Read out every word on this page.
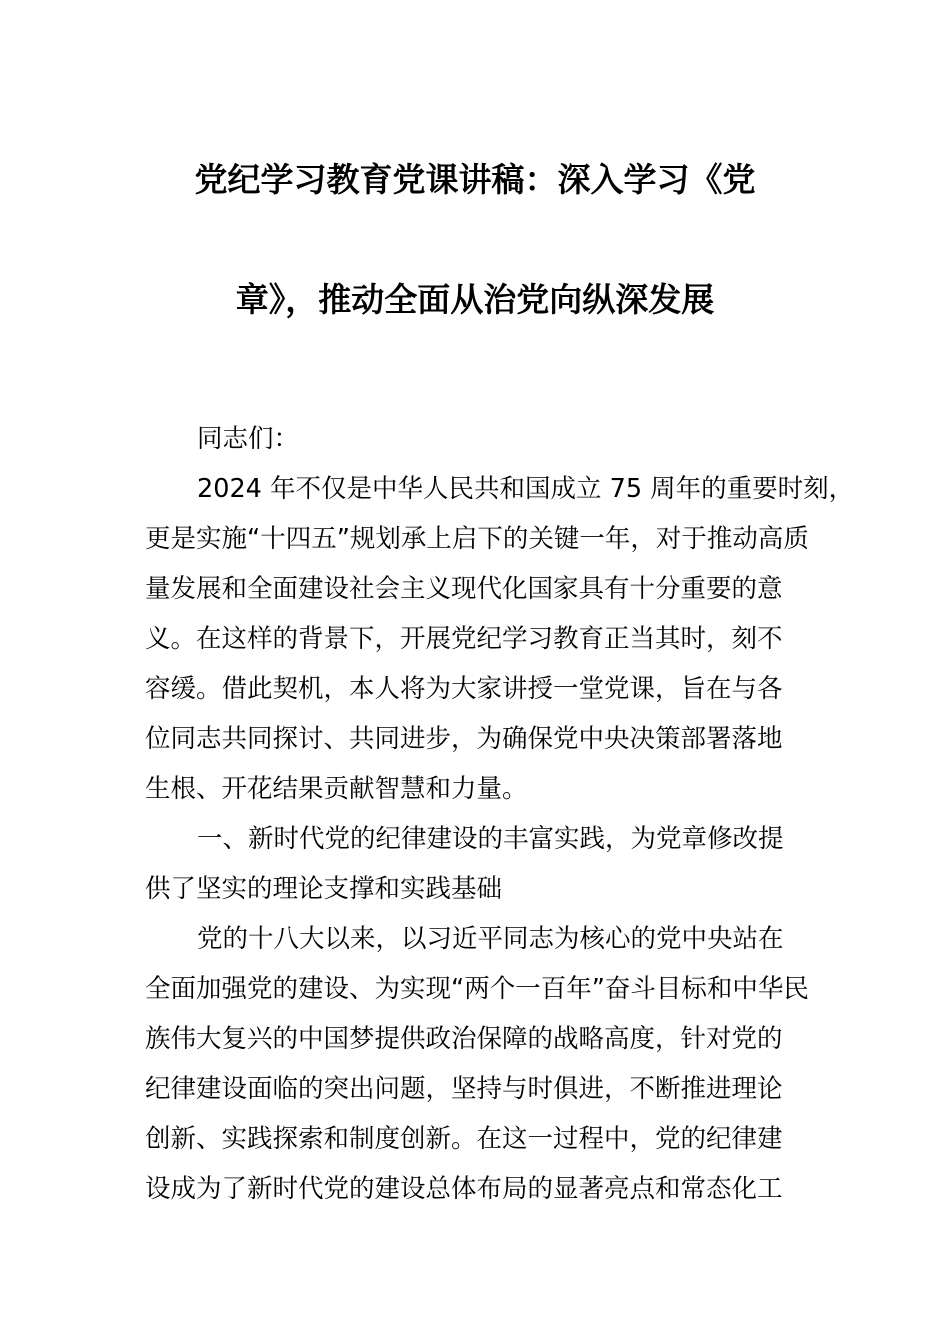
党纪学习教育党课讲稿：深入学习《党
章》，推动全面从治党向纵深发展
同志们：
2024 年不仅是中华人民共和国成立 75 周年的重要时刻，
更是实施“十四五”规划承上启下的关键一年，对于推动高质
量发展和全面建设社会主义现代化国家具有十分重要的意
义。在这样的背景下，开展党纪学习教育正当其时，刻不
容缓。借此契机，本人将为大家讲授一堂党课，旨在与各
位同志共同探讨、共同进步，为确保党中央决策部署落地
生根、开花结果贡献智慧和力量。
一、新时代党的纪律建设的丰富实践，为党章修改提
供了坚实的理论支撑和实践基础
党的十八大以来，以习近平同志为核心的党中央站在
全面加强党的建设、为实现“两个一百年”奋斗目标和中华民
族伟大复兴的中国梦提供政治保障的战略高度，针对党的
纪律建设面临的突出问题，坚持与时俱进，不断推进理论
创新、实践探索和制度创新。在这一过程中，党的纪律建
设成为了新时代党的建设总体布局的显著亮点和常态化工
